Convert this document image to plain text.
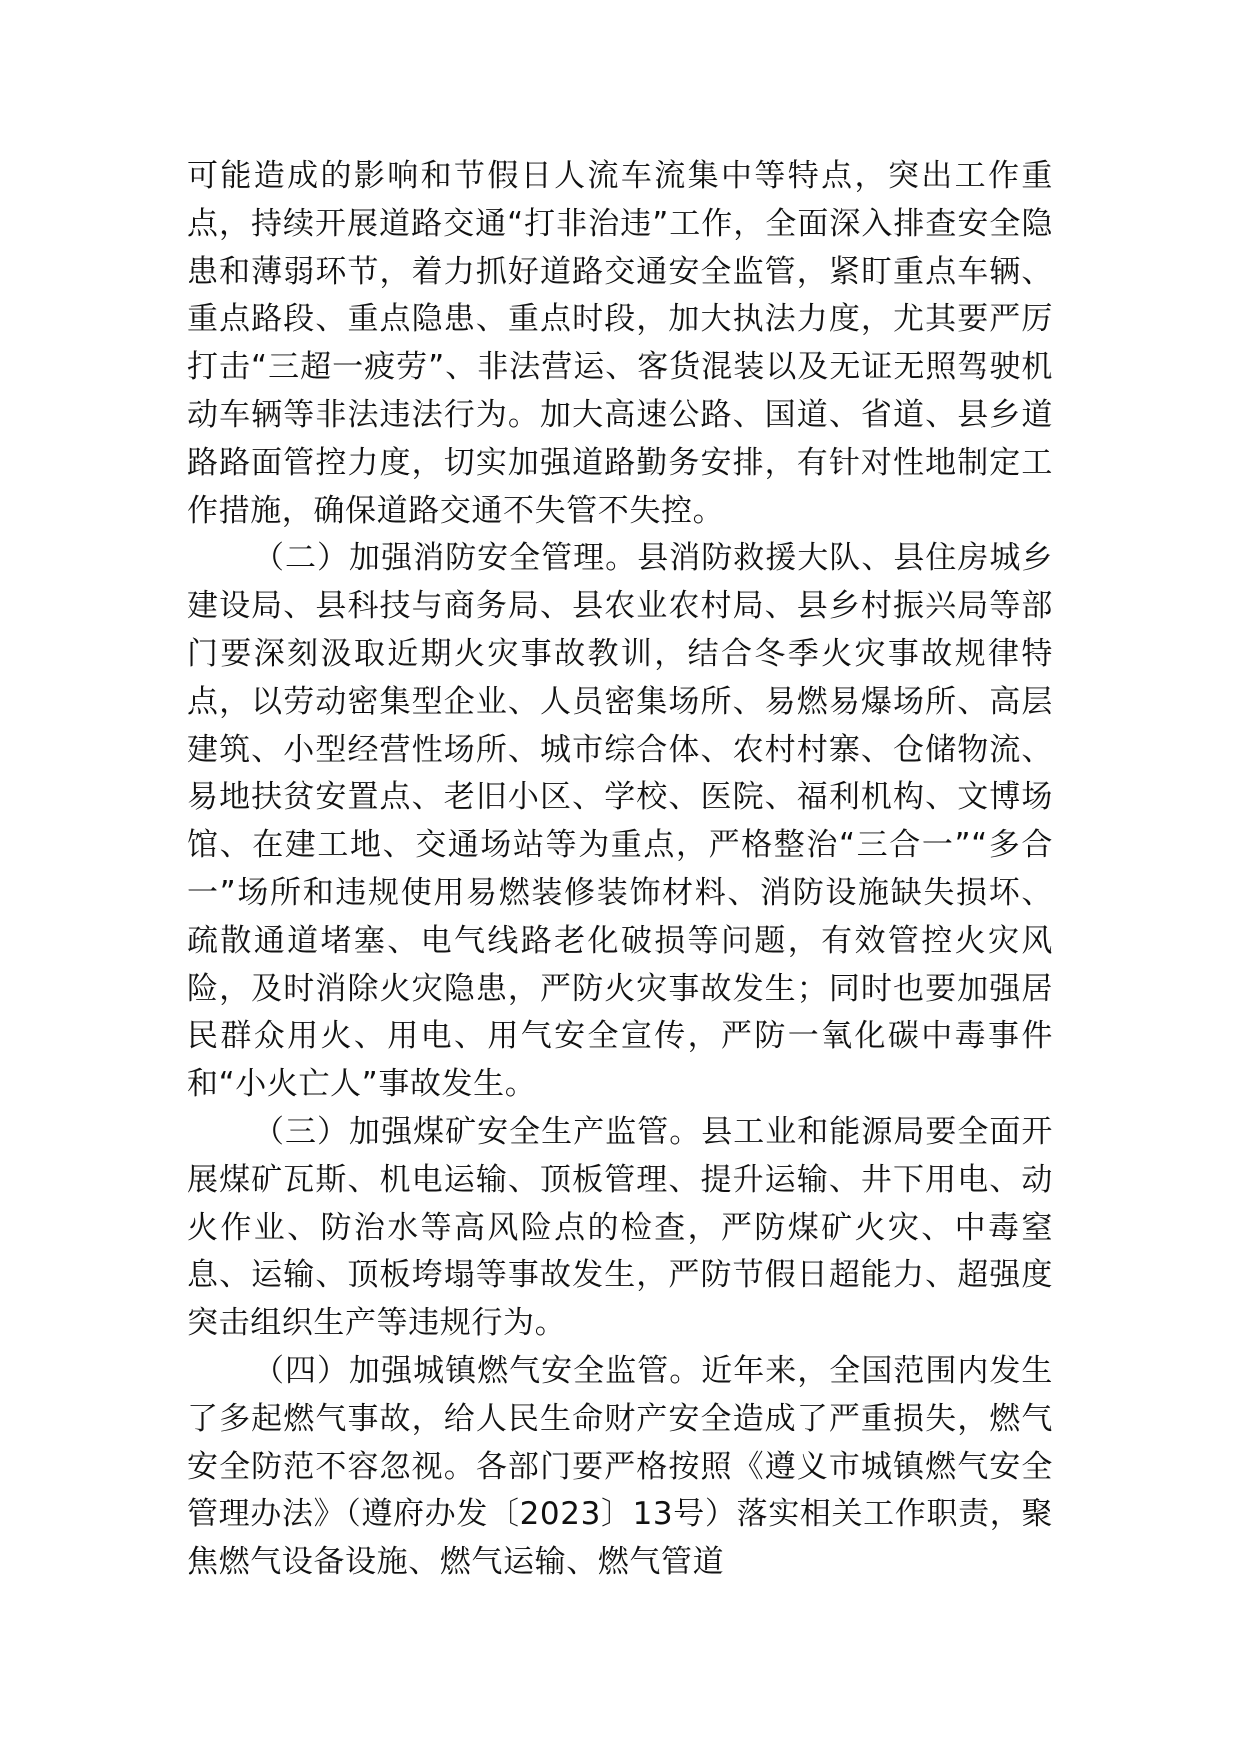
可能造成的影响和节假日人流车流集中等特点，突出工作重点，持续开展道路交通“打非治违”工作，全面深入排查安全隐患和薄弱环节，着力抓好道路交通安全监管，紧盯重点车辆、重点路段、重点隐患、重点时段，加大执法力度，尤其要严厉打击“三超一疲劳”、非法营运、客货混装以及无证无照驾驶机动车辆等非法违法行为。加大高速公路、国道、省道、县乡道路路面管控力度，切实加强道路勤务安排，有针对性地制定工作措施，确保道路交通不失管不失控。

（二）加强消防安全管理。县消防救援大队、县住房城乡建设局、县科技与商务局、县农业农村局、县乡村振兴局等部门要深刻汲取近期火灾事故教训，结合冬季火灾事故规律特点，以劳动密集型企业、人员密集场所、易燃易爆场所、高层建筑、小型经营性场所、城市综合体、农村村寨、仓储物流、易地扶贫安置点、老旧小区、学校、医院、福利机构、文博场馆、在建工地、交通场站等为重点，严格整治“三合一”“多合一”场所和违规使用易燃装修装饰材料、消防设施缺失损坏、疏散通道堵塞、电气线路老化破损等问题，有效管控火灾风险，及时消除火灾隐患，严防火灾事故发生；同时也要加强居民群众用火、用电、用气安全宣传，严防一氧化碳中毒事件和“小火亡人”事故发生。

（三）加强煤矿安全生产监管。县工业和能源局要全面开展煤矿瓦斯、机电运输、顶板管理、提升运输、井下用电、动火作业、防治水等高风险点的检查，严防煤矿火灾、中毒窒息、运输、顶板垮塌等事故发生，严防节假日超能力、超强度突击组织生产等违规行为。

（四）加强城镇燃气安全监管。近年来，全国范围内发生了多起燃气事故，给人民生命财产安全造成了严重损失，燃气安全防范不容忽视。各部门要严格按照《遵义市城镇燃气安全管理办法》（遵府办发〔2023〕13号）落实相关工作职责，聚焦燃气设备设施、燃气运输、燃气管道
